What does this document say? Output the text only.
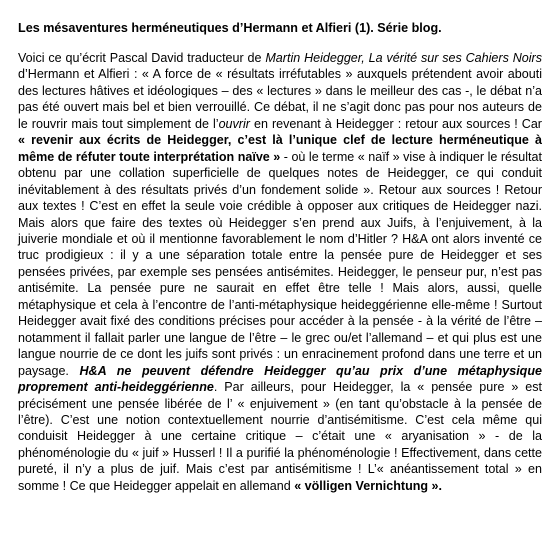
Les mésaventures herméneutiques d’Hermann et Alfieri (1). Série blog.

Voici ce qu’écrit Pascal David traducteur de Martin Heidegger, La vérité sur ses Cahiers Noirs d’Hermann et Alfieri : « A force de « résultats irréfutables » auxquels prétendent avoir abouti des lectures hâtives et idéologiques – des « lectures » dans le meilleur des cas -, le débat n’a pas été ouvert mais bel et bien verrouillé. Ce débat, il ne s’agit donc pas pour nos auteurs de le rouvrir mais tout simplement de l’ouvrir en revenant à Heidegger : retour aux sources ! Car « revenir aux écrits de Heidegger, c’est là l’unique clef de lecture herméneutique à même de réfuter toute interprétation naïve » - où le terme « naïf » vise à indiquer le résultat obtenu par une collation superficielle de quelques notes de Heidegger, ce qui conduit inévitablement à des résultats privés d’un fondement solide ». Retour aux sources ! Retour aux textes ! C’est en effet la seule voie crédible à opposer aux critiques de Heidegger nazi. Mais alors que faire des textes où Heidegger s’en prend aux Juifs, à l’enjuivement, à la juiverie mondiale et où il mentionne favorablement le nom d’Hitler ? H&A ont alors inventé ce truc prodigieux : il y a une séparation totale entre la pensée pure de Heidegger et ses pensées privées, par exemple ses pensées antisémites. Heidegger, le penseur pur, n’est pas antisémite. La pensée pure ne saurait en effet être telle ! Mais alors, aussi, quelle métaphysique et cela à l’encontre de l’anti-métaphysique heideggérienne elle-même ! Surtout Heidegger avait fixé des conditions précises pour accéder à la pensée - à la vérité de l’être – notamment il fallait parler une langue de l’être – le grec ou/et l’allemand – et qui plus est une langue nourrie de ce dont les juifs sont privés : un enracinement profond dans une terre et un paysage. H&A ne peuvent défendre Heidegger qu’au prix d’une métaphysique proprement anti-heideggérienne. Par ailleurs, pour Heidegger, la « pensée pure » est précisément une pensée libérée de l’ « enjuivement » (en tant qu’obstacle à la pensée de l’être). C’est une notion contextuellement nourrie d’antisémitisme. C’est cela même qui conduisit Heidegger à une certaine critique – c’était une « aryanisation » - de la phénoménologie du « juif » Husserl ! Il a purifié la phénoménologie ! Effectivement, dans cette pureté, il n’y a plus de juif. Mais c’est par antisémitisme ! L’« anéantissement total » en somme ! Ce que Heidegger appelait en allemand « völligen Vernichtung ».
